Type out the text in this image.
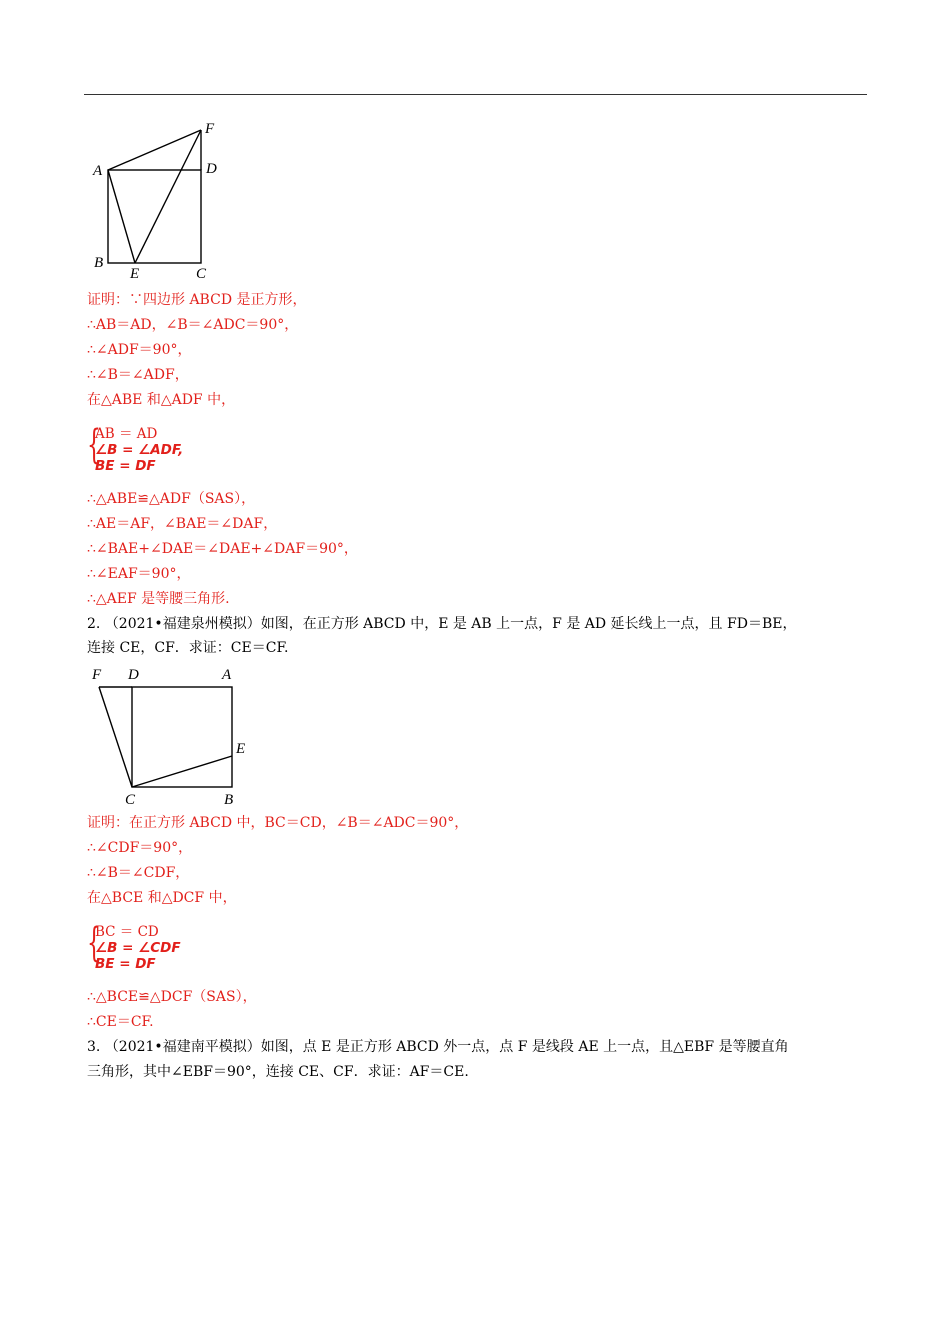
A
F
D
B
E	C
证明：∵四边形 ABCD 是正方形，
∴AB＝AD，∠B＝∠ADC＝90°，
∴∠ADF＝90°，
∴∠B＝∠ADF，
在△ABE 和△ADF 中，
{
AB ＝ AD
∠B = ∠ADF,
BE = DF
∴△ABE≌△ADF（SAS），
∴AE＝AF，∠BAE＝∠DAF，
∴∠BAE+∠DAE＝∠DAE+∠DAF＝90°，
∴∠EAF＝90°，
∴△AEF 是等腰三角形.
2. （2021•福建泉州模拟）如图，在正方形 ABCD 中，E 是 AB 上一点，F 是 AD 延长线上一点，且 FD＝BE，
连接 CE，CF．求证：CE＝CF.
F D	A
E
C	B
证明：在正方形 ABCD 中，BC＝CD，∠B＝∠ADC＝90°，
∴∠CDF＝90°，
∴∠B＝∠CDF，
在△BCE 和△DCF 中，
{
BC ＝ CD
∠B = ∠CDF
BE = DF
∴△BCE≌△DCF（SAS），
∴CE＝CF.
3. （2021•福建南平模拟）如图，点 E 是正方形 ABCD 外一点，点 F 是线段 AE 上一点，且△EBF 是等腰直角
三角形，其中∠EBF＝90°，连接 CE、CF．求证：AF＝CE.
